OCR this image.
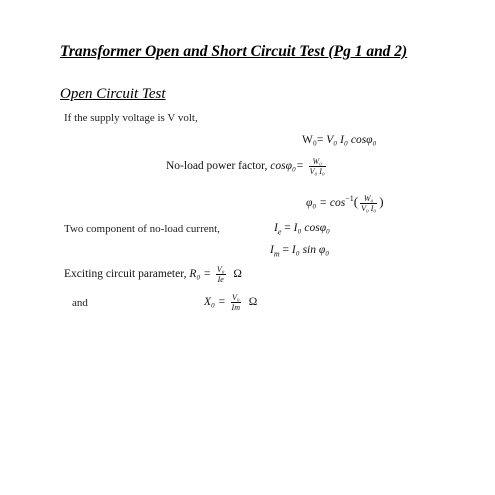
Transformer Open and Short Circuit Test (Pg 1 and 2)
Open Circuit Test
If the supply voltage is V volt,
W₀= V₀ I₀ cosφ₀
No-load power factor, $\cos\varphi_0= \frac{\text{W₀}}{\text{V₀ I₀}}$
$\varphi_0 = \cos^{-1}( \frac{\text{W₀}}{\text{V₀ I₀}}$ )
Two component of no-load current,	$I_e = I_0$ cosφ₀
$I_m = I_0$ sin φ₀
Exciting circuit parameter, $R_0 = \frac{\text{V₀}}{Ie}$ Ω
and	$X_0 = \frac{\text{V₀}}{Im}$ Ω
